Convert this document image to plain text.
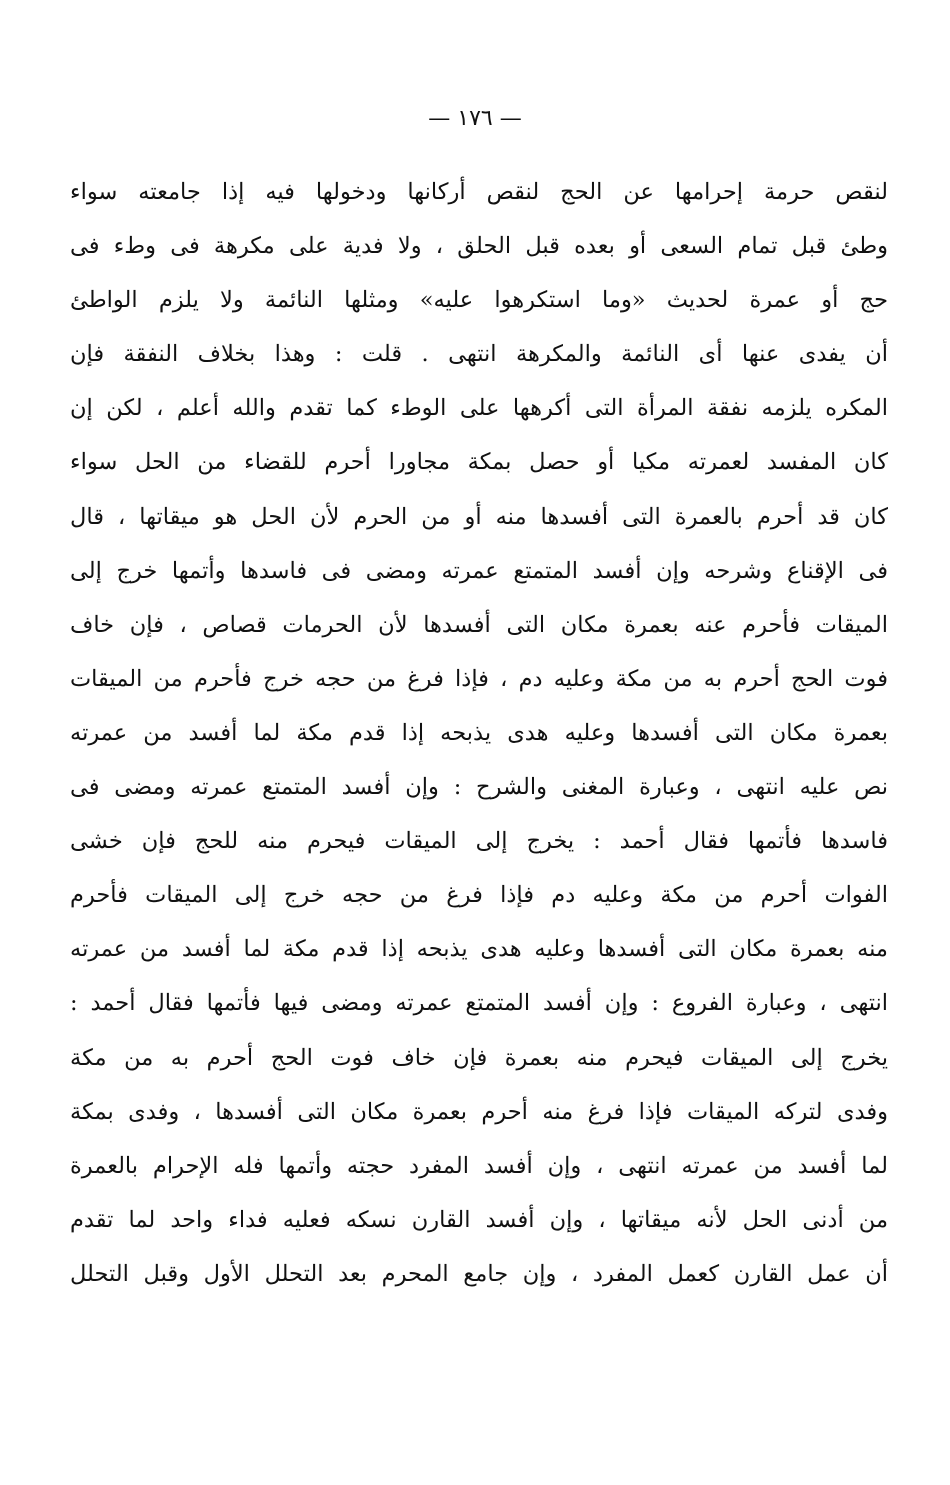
— ١٧٦ —
لنقص حرمة إحرامها عن الحج لنقص أركانها ودخولها فيه إذا جامعته سواء
وطئ قبل تمام السعى أو بعده قبل الحلق ، ولا فدية على مكرهة فى وطء فى
حج أو عمرة لحديث «وما استكرهوا عليه» ومثلها النائمة ولا يلزم الواطئ
أن يفدى عنها أى النائمة والمكرهة انتهى . قلت : وهذا بخلاف النفقة فإن
المكره يلزمه نفقة المرأة التى أكرهها على الوطء كما تقدم والله أعلم ، لكن إن
كان المفسد لعمرته مكيا أو حصل بمكة مجاورا أحرم للقضاء من الحل سواء
كان قد أحرم بالعمرة التى أفسدها منه أو من الحرم لأن الحل هو ميقاتها ، قال
فى الإقناع وشرحه وإن أفسد المتمتع عمرته ومضى فى فاسدها وأتمها خرج إلى
الميقات فأحرم عنه بعمرة مكان التى أفسدها لأن الحرمات قصاص ، فإن خاف
فوت الحج أحرم به من مكة وعليه دم ، فإذا فرغ من حجه خرج فأحرم من الميقات
بعمرة مكان التى أفسدها وعليه هدى يذبحه إذا قدم مكة لما أفسد من عمرته
نص عليه انتهى ، وعبارة المغنى والشرح : وإن أفسد المتمتع عمرته ومضى فى
فاسدها فأتمها فقال أحمد : يخرج إلى الميقات فيحرم منه للحج فإن خشى
الفوات أحرم من مكة وعليه دم فإذا فرغ من حجه خرج إلى الميقات فأحرم
منه بعمرة مكان التى أفسدها وعليه هدى يذبحه إذا قدم مكة لما أفسد من عمرته
انتهى ، وعبارة الفروع : وإن أفسد المتمتع عمرته ومضى فيها فأتمها فقال أحمد :
يخرج إلى الميقات فيحرم منه بعمرة فإن خاف فوت الحج أحرم به من مكة
وفدى لتركه الميقات فإذا فرغ منه أحرم بعمرة مكان التى أفسدها ، وفدى بمكة
لما أفسد من عمرته انتهى ، وإن أفسد المفرد حجته وأتمها فله الإحرام بالعمرة
من أدنى الحل لأنه ميقاتها ، وإن أفسد القارن نسكه فعليه فداء واحد لما تقدم
أن عمل القارن كعمل المفرد ، وإن جامع المحرم بعد التحلل الأول وقبل التحلل
